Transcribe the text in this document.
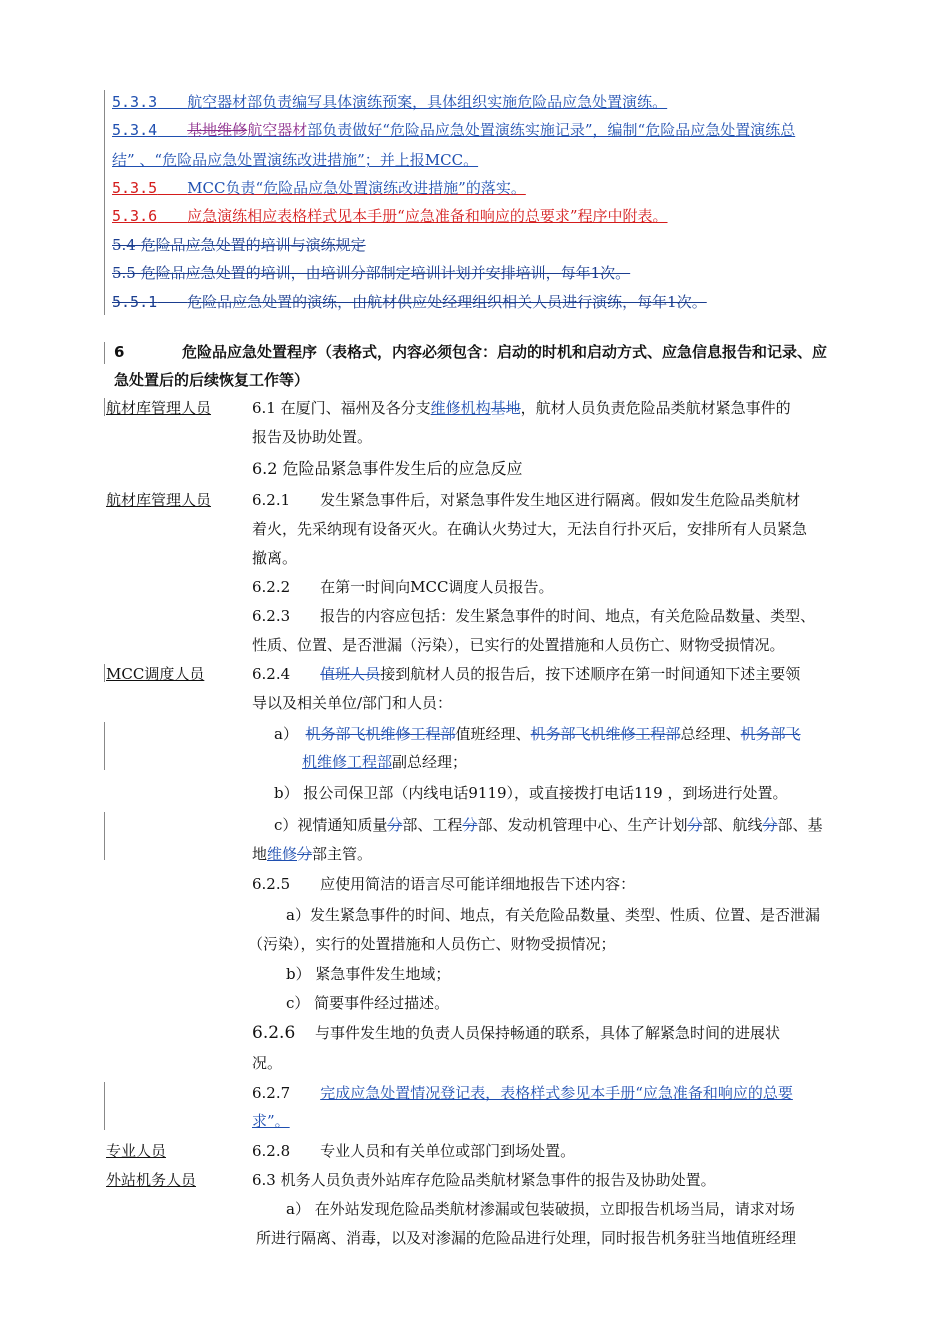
5.3.3　　 航空器材部负责编写具体演练预案，具体组织实施危险品应急处置演练。
5.3.4　　 基地维修航空器材部负责做好“危险品应急处置演练实施记录”，编制“危险品应急处置演练总
结” 、“危险品应急处置演练改进措施”；并上报MCC。
5.3.5　　 MCC负责“危险品应急处置演练改进措施”的落实。
5.3.6　　 应急演练相应表格样式见本手册“应急准备和响应的总要求”程序中附表。
5.4 危险品应急处置的培训与演练规定
5.5 危险品应急处置的培训，由培训分部制定培训计划并安排培训，每年1次。
5.5.1　　 危险品应急处置的演练，由航材供应处经理组织相关人员进行演练，每年1次。
6	危险品应急处置程序（表格式，内容必须包含：启动的时机和启动方式、应急信息报告和记录、应
急处置后的后续恢复工作等）
航材库管理人员
航材库管理人员
MCC调度人员
专业人员
外站机务人员
6.1 在厦门、福州及各分支维修机构基地，航材人员负责危险品类航材紧急事件的
报告及协助处置。
6.2 危险品紧急事件发生后的应急反应
6.2.1　　发生紧急事件后，对紧急事件发生地区进行隔离。假如发生危险品类航材
着火，先采纳现有设备灭火。在确认火势过大，无法自行扑灭后，安排所有人员紧急
撤离。
6.2.2　　在第一时间向MCC调度人员报告。
6.2.3　　报告的内容应包括：发生紧急事件的时间、地点，有关危险品数量、类型、
性质、位置、是否泄漏（污染），已实行的处置措施和人员伤亡、财物受损情况。
6.2.4　　值班人员接到航材人员的报告后，按下述顺序在第一时间通知下述主要领
导以及相关单位/部门和人员：
a）　 机务部飞机维修工程部值班经理、机务部飞机维修工程部总经理、机务部飞
机维修工程部副总经理；
b） 报公司保卫部（内线电话9119），或直接拨打电话119 ，到场进行处置。
c）视情通知质量分部、工程分部、发动机管理中心、生产计划分部、航线分部、基
地维修分部主管。
6.2.5　　应使用简洁的语言尽可能详细地报告下述内容：
a）发生紧急事件的时间、地点，有关危险品数量、类型、性质、位置、是否泄漏
（污染），实行的处置措施和人员伤亡、财物受损情况；
b） 紧急事件发生地域；
c） 简要事件经过描述。
6.2.6　 与事件发生地的负责人员保持畅通的联系，具体了解紧急时间的进展状
况。
6.2.7　　 完成应急处置情况登记表，表格样式参见本手册“应急准备和响应的总要
求”。
6.2.8　　专业人员和有关单位或部门到场处置。
6.3 机务人员负责外站库存危险品类航材紧急事件的报告及协助处置。
a） 在外站发现危险品类航材渗漏或包装破损，立即报告机场当局，请求对场
所进行隔离、消毒，以及对渗漏的危险品进行处理，同时报告机务驻当地值班经理
